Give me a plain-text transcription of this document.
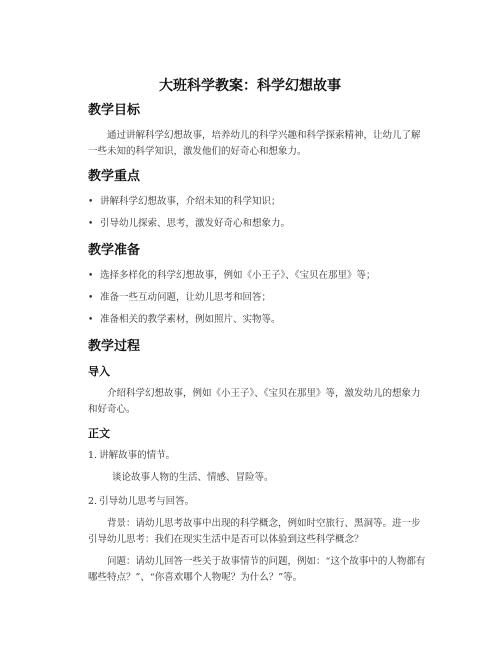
大班科学教案：科学幻想故事
教学目标

通过讲解科学幻想故事，培养幼儿的科学兴趣和科学探索精神，让幼儿了解一些未知的科学知识，激发他们的好奇心和想象力。

教学重点
• 讲解科学幻想故事，介绍未知的科学知识；
• 引导幼儿探索、思考，激发好奇心和想象力。
教学准备
• 选择多样化的科学幻想故事，例如《小王子》、《宝贝在那里》等；
• 准备一些互动问题，让幼儿思考和回答；
• 准备相关的教学素材，例如照片、实物等。
教学过程
导入

介绍科学幻想故事，例如《小王子》、《宝贝在那里》等，激发幼儿的想象力和好奇心。

正文
1. 讲解故事的情节。
谈论故事人物的生活、情感、冒险等。
2. 引导幼儿思考与回答。
背景：请幼儿思考故事中出现的科学概念，例如时空旅行、黑洞等。进一步引导幼儿思考：我们在现实生活中是否可以体验到这些科学概念？
问题：请幼儿回答一些关于故事情节的问题，例如：“这个故事中的人物都有哪些特点？”、“你喜欢哪个人物呢？为什么？”等。
